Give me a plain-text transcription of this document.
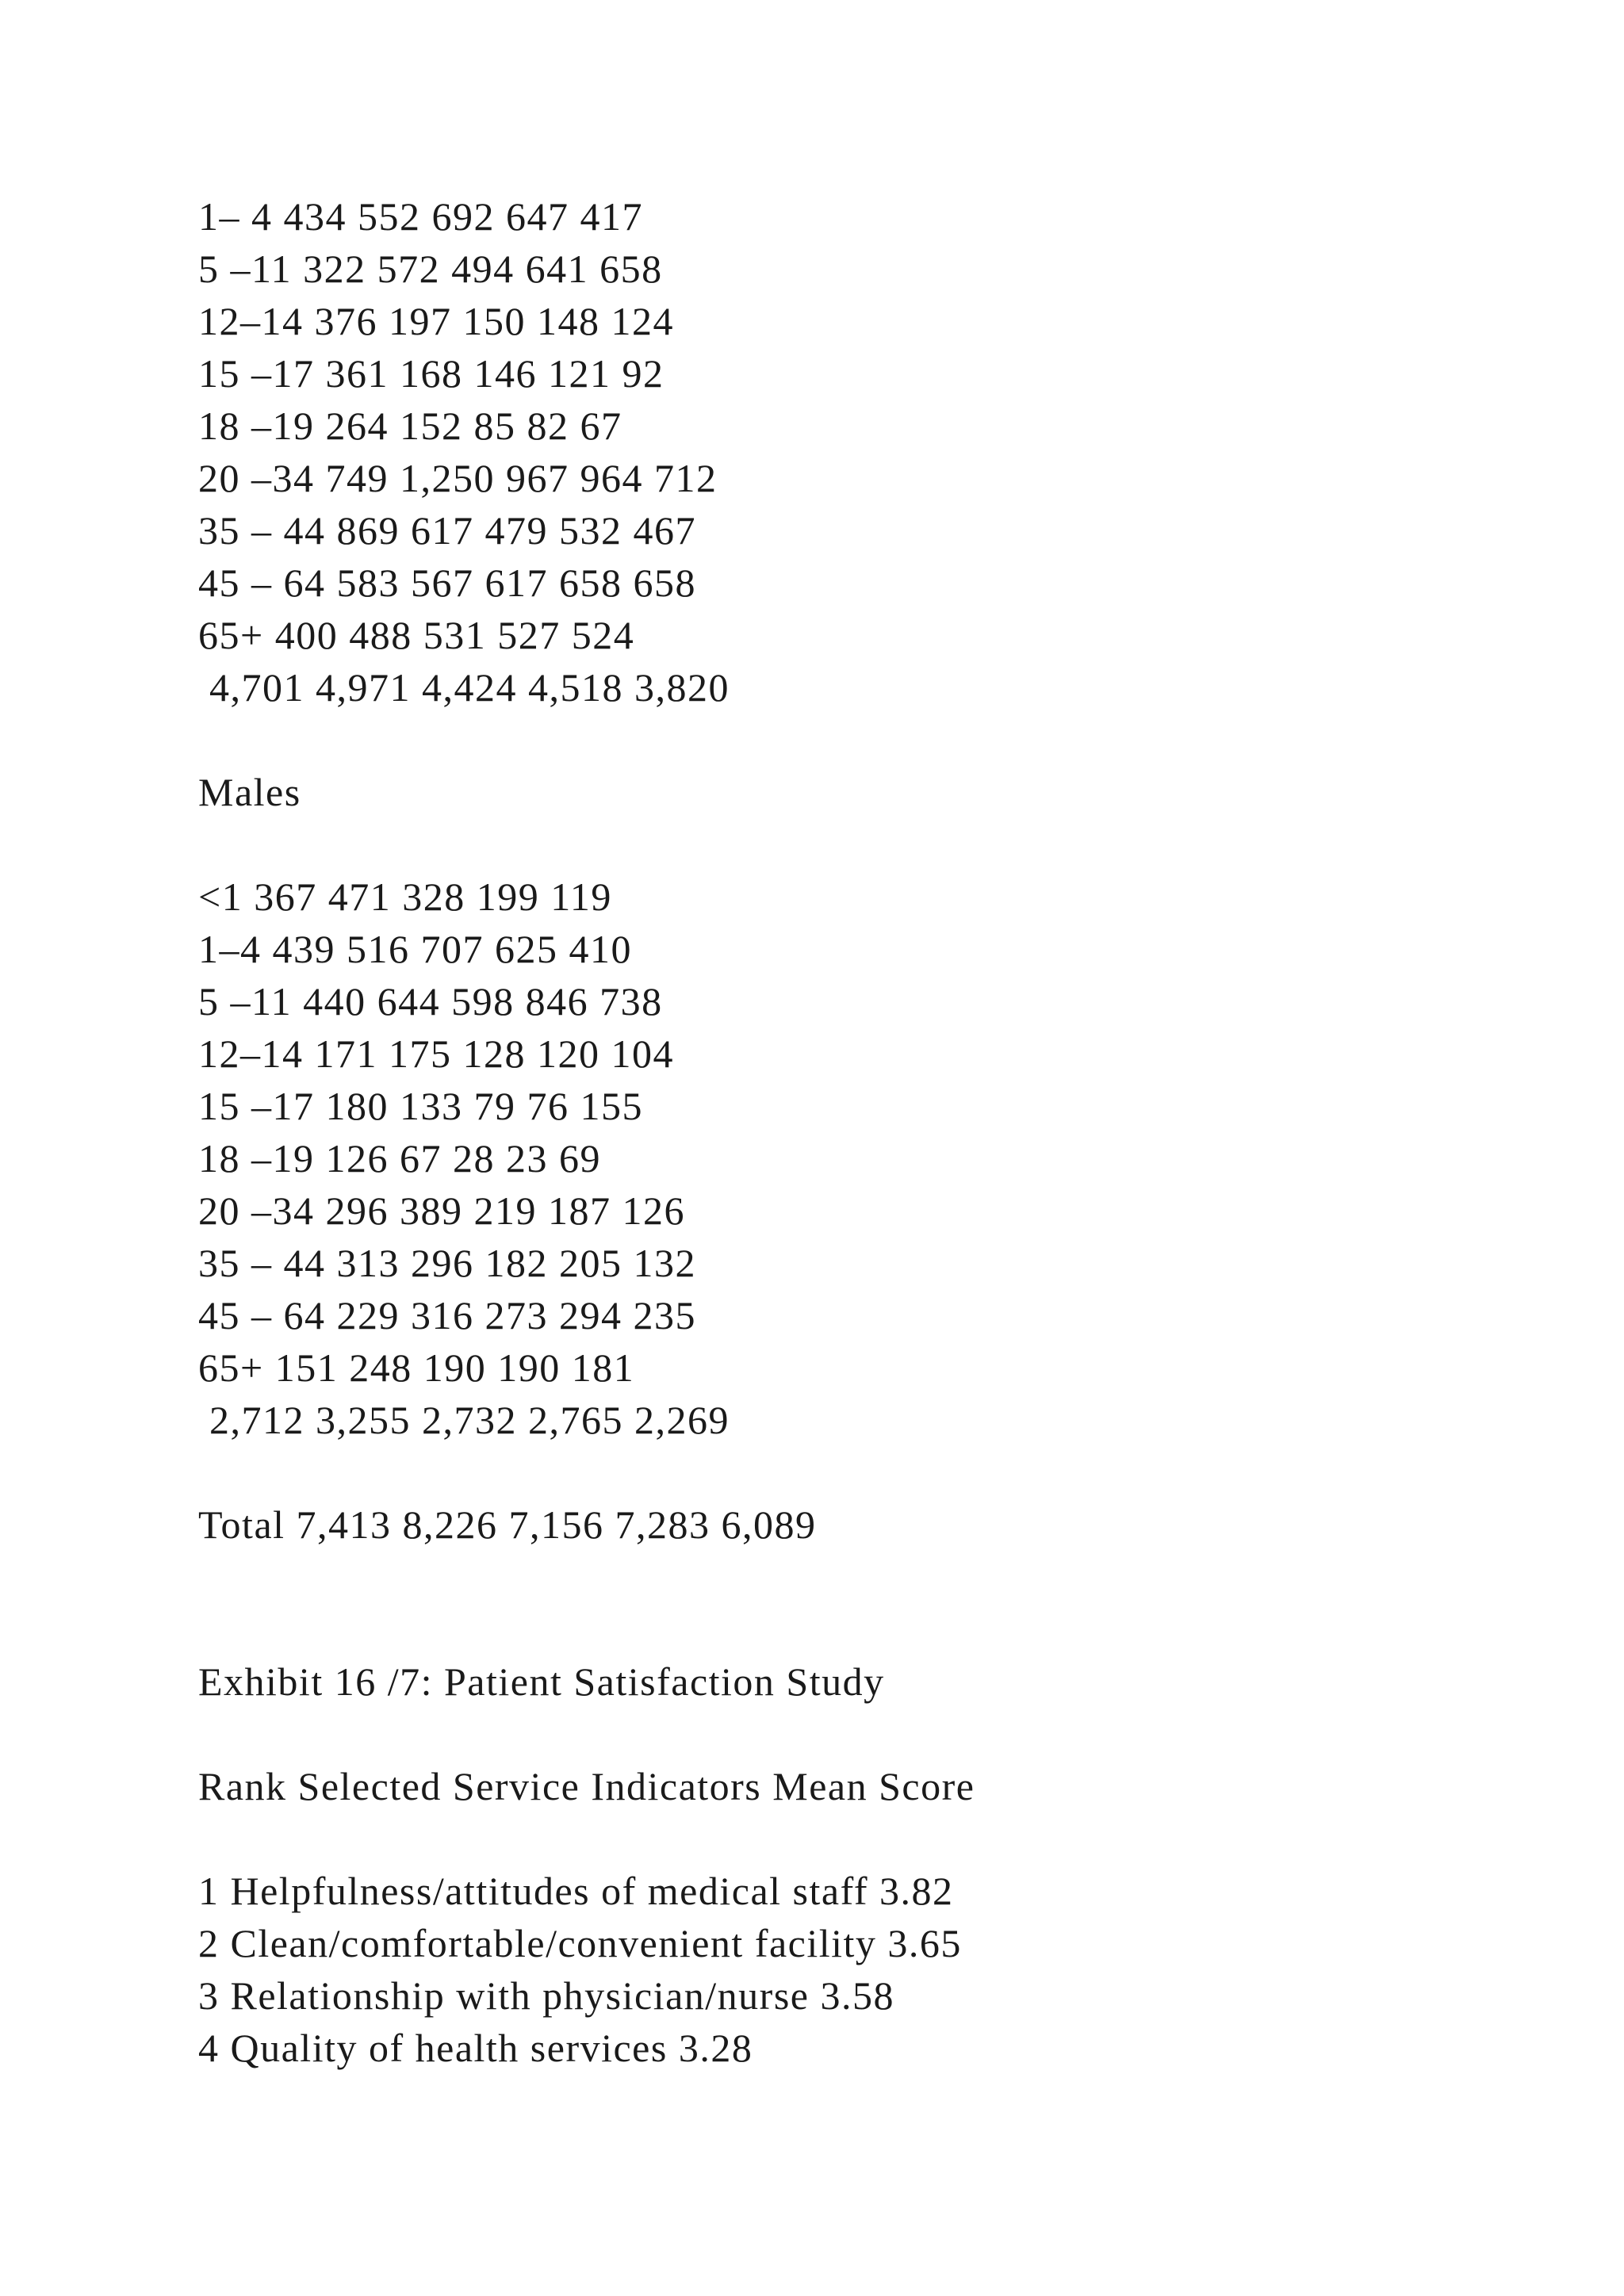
1– 4 434 552 692 647 417
5 –11 322 572 494 641 658
12–14 376 197 150 148 124
15 –17 361 168 146 121 92
18 –19 264 152 85 82 67
20 –34 749 1,250 967 964 712
35 – 44 869 617 479 532 467
45 – 64 583 567 617 658 658
65+ 400 488 531 527 524
4,701 4,971 4,424 4,518 3,820
Males
<1 367 471 328 199 119
1–4 439 516 707 625 410
5 –11 440 644 598 846 738
12–14 171 175 128 120 104
15 –17 180 133 79 76 155
18 –19 126 67 28 23 69
20 –34 296 389 219 187 126
35 – 44 313 296 182 205 132
45 – 64 229 316 273 294 235
65+ 151 248 190 190 181
2,712 3,255 2,732 2,765 2,269
Total 7,413 8,226 7,156 7,283 6,089
Exhibit 16 /7: Patient Satisfaction Study
Rank Selected Service Indicators Mean Score
1 Helpfulness/attitudes of medical staff 3.82
2 Clean/comfortable/convenient facility 3.65
3 Relationship with physician/nurse 3.58
4 Quality of health services 3.28
